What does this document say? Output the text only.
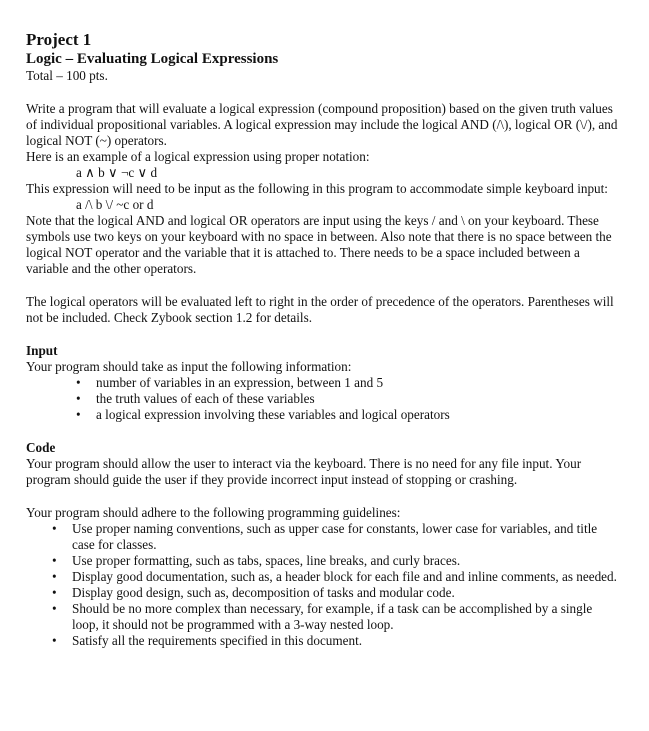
Project 1

Logic – Evaluating Logical Expressions

Total – 100 pts.

Write a program that will evaluate a logical expression (compound proposition) based on the given truth values of individual propositional variables. A logical expression may include the logical AND (/\), logical OR (\/), and logical NOT (~) operators.

Here is an example of a logical expression using proper notation:

a ∧ b ∨ ¬c ∨ d

This expression will need to be input as the following in this program to accommodate simple keyboard input:

a /\ b \/ ~c or d

Note that the logical AND and logical OR operators are input using the keys / and \ on your keyboard. These symbols use two keys on your keyboard with no space in between. Also note that there is no space between the logical NOT operator and the variable that it is attached to. There needs to be a space included between a variable and the other operators.

The logical operators will be evaluated left to right in the order of precedence of the operators. Parentheses will not be included. Check Zybook section 1.2 for details.

Input

Your program should take as input the following information:

• number of variables in an expression, between 1 and 5
• the truth values of each of these variables
• a logical expression involving these variables and logical operators

Code

Your program should allow the user to interact via the keyboard. There is no need for any file input. Your program should guide the user if they provide incorrect input instead of stopping or crashing.

Your program should adhere to the following programming guidelines:

• Use proper naming conventions, such as upper case for constants, lower case for variables, and title case for classes.
• Use proper formatting, such as tabs, spaces, line breaks, and curly braces.
• Display good documentation, such as, a header block for each file and and inline comments, as needed.
• Display good design, such as, decomposition of tasks and modular code.
• Should be no more complex than necessary, for example, if a task can be accomplished by a single loop, it should not be programmed with a 3-way nested loop.
• Satisfy all the requirements specified in this document.
